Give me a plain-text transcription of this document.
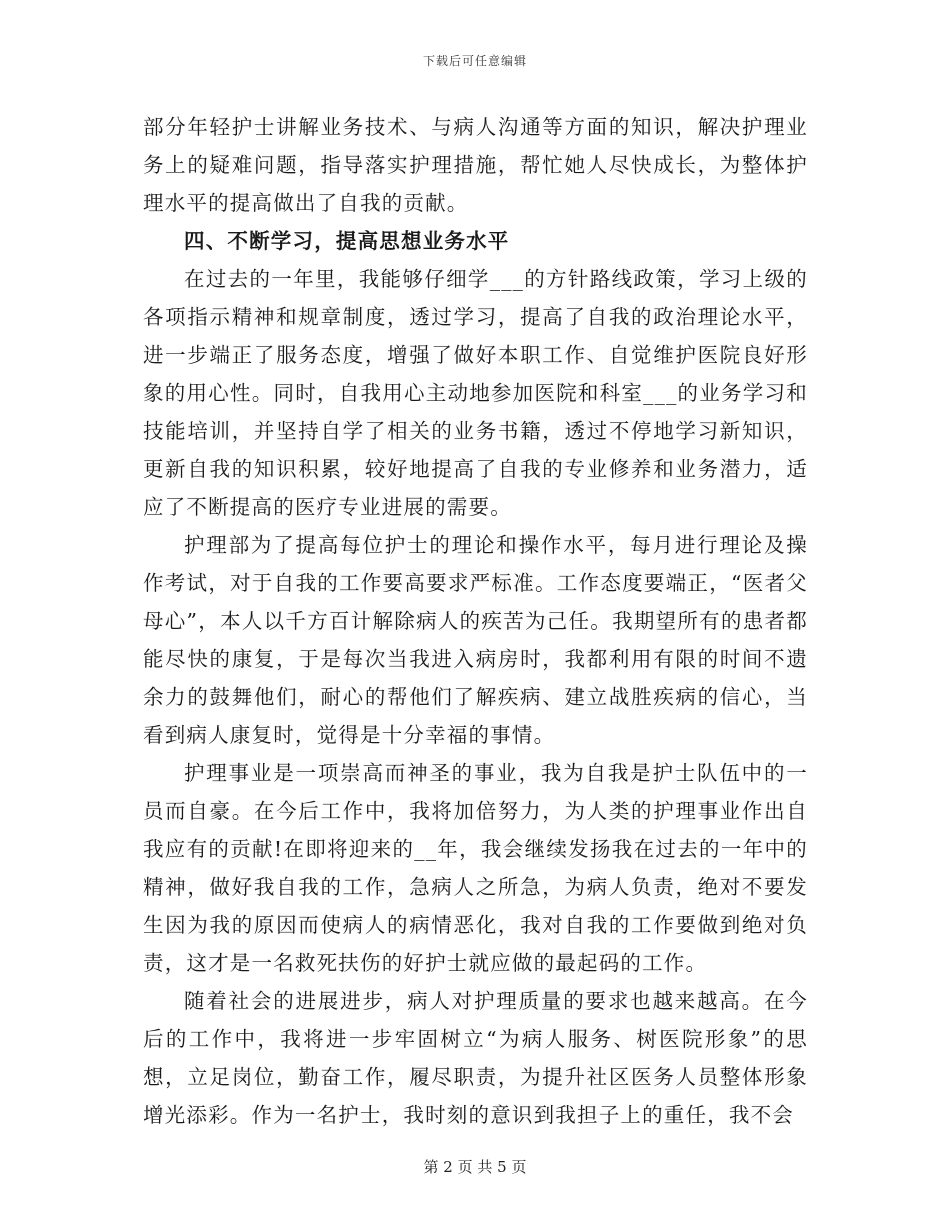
下载后可任意编辑

部分年轻护士讲解业务技术、与病人沟通等方面的知识，解决护理业务上的疑难问题，指导落实护理措施，帮忙她人尽快成长，为整体护理水平的提高做出了自我的贡献。

四、不断学习，提高思想业务水平

在过去的一年里，我能够仔细学___的方针路线政策，学习上级的各项指示精神和规章制度，透过学习，提高了自我的政治理论水平，进一步端正了服务态度，增强了做好本职工作、自觉维护医院良好形象的用心性。同时，自我用心主动地参加医院和科室___的业务学习和技能培训，并坚持自学了相关的业务书籍，透过不停地学习新知识，更新自我的知识积累，较好地提高了自我的专业修养和业务潜力，适应了不断提高的医疗专业进展的需要。

护理部为了提高每位护士的理论和操作水平，每月进行理论及操作考试，对于自我的工作要高要求严标准。工作态度要端正，“医者父母心”，本人以千方百计解除病人的疾苦为己任。我期望所有的患者都能尽快的康复，于是每次当我进入病房时，我都利用有限的时间不遗余力的鼓舞他们，耐心的帮他们了解疾病、建立战胜疾病的信心，当看到病人康复时，觉得是十分幸福的事情。

护理事业是一项崇高而神圣的事业，我为自我是护士队伍中的一员而自豪。在今后工作中，我将加倍努力，为人类的护理事业作出自我应有的贡献!在即将迎来的__年，我会继续发扬我在过去的一年中的精神，做好我自我的工作，急病人之所急，为病人负责，绝对不要发生因为我的原因而使病人的病情恶化，我对自我的工作要做到绝对负责，这才是一名救死扶伤的好护士就应做的最起码的工作。

随着社会的进展进步，病人对护理质量的要求也越来越高。在今后的工作中，我将进一步牢固树立“为病人服务、树医院形象”的思想，立足岗位，勤奋工作，履尽职责，为提升社区医务人员整体形象增光添彩。作为一名护士，我时刻的意识到我担子上的重任，我不会

第 2 页 共 5 页
